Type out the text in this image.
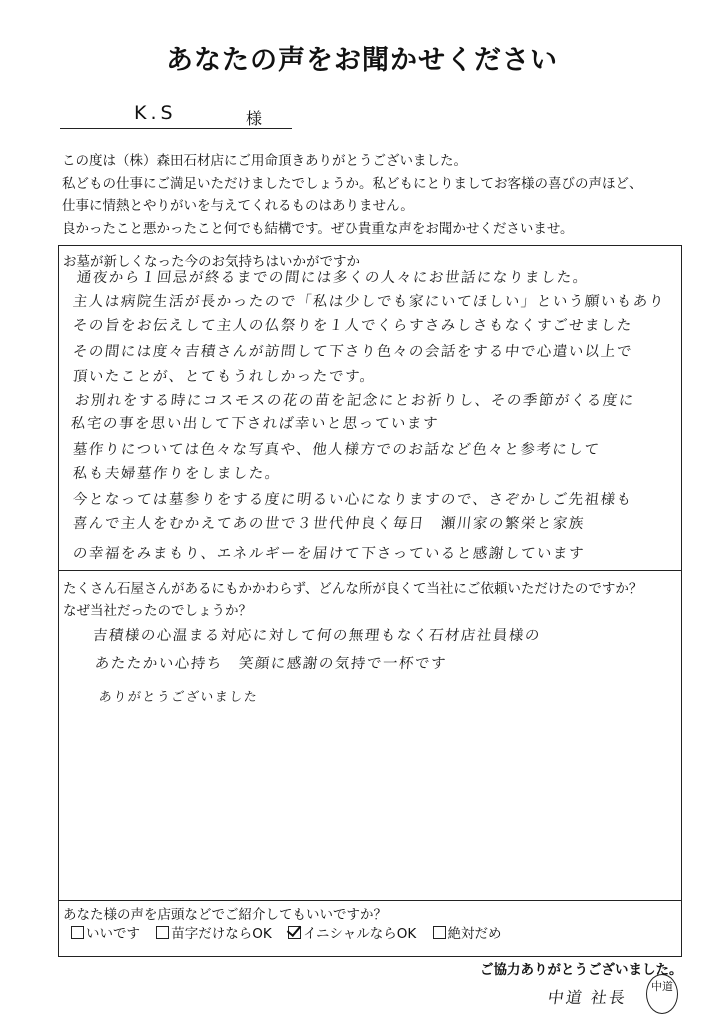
あなたの声をお聞かせください
K.S	様
この度は（株）森田石材店にご用命頂きありがとうございました。
私どもの仕事にご満足いただけましたでしょうか。私どもにとりましてお客様の喜びの声ほど、
仕事に情熱とやりがいを与えてくれるものはありません。
良かったこと悪かったこと何でも結構です。ぜひ貴重な声をお聞かせくださいませ。
お墓が新しくなった今のお気持ちはいかがですか
通夜から１回忌が終るまでの間には多くの人々にお世話になりました。
主人は病院生活が長かったので「私は少しでも家にいてほしい」という願いもあり
その旨をお伝えして主人の仏祭りを１人でくらすさみしさもなくすごせました
その間には度々吉積さんが訪問して下さり色々の会話をする中で心遣い以上で
頂いたことが、とてもうれしかったです。
お別れをする時にコスモスの花の苗を記念にとお祈りし、その季節がくる度に
私宅の事を思い出して下されば幸いと思っています
墓作りについては色々な写真や、他人様方でのお話など色々と参考にして
私も夫婦墓作りをしました。
今となっては墓参りをする度に明るい心になりますので、さぞかしご先祖様も
喜んで主人をむかえてあの世で３世代仲良く毎日　瀬川家の繁栄と家族
の幸福をみまもり、エネルギーを届けて下さっていると感謝しています
たくさん石屋さんがあるにもかかわらず、どんな所が良くて当社にご依頼いただけたのですか？
なぜ当社だったのでしょうか？
吉積様の心温まる対応に対して何の無理もなく石材店社員様の
あたたかい心持ち　笑顔に感謝の気持で一杯です
ありがとうございました
あなた様の声を店頭などでご紹介してもいいですか？
いいです 苗字だけならOK イニシャルならOK 絶対だめ
ご協力ありがとうございました。
中道 社長
中道
